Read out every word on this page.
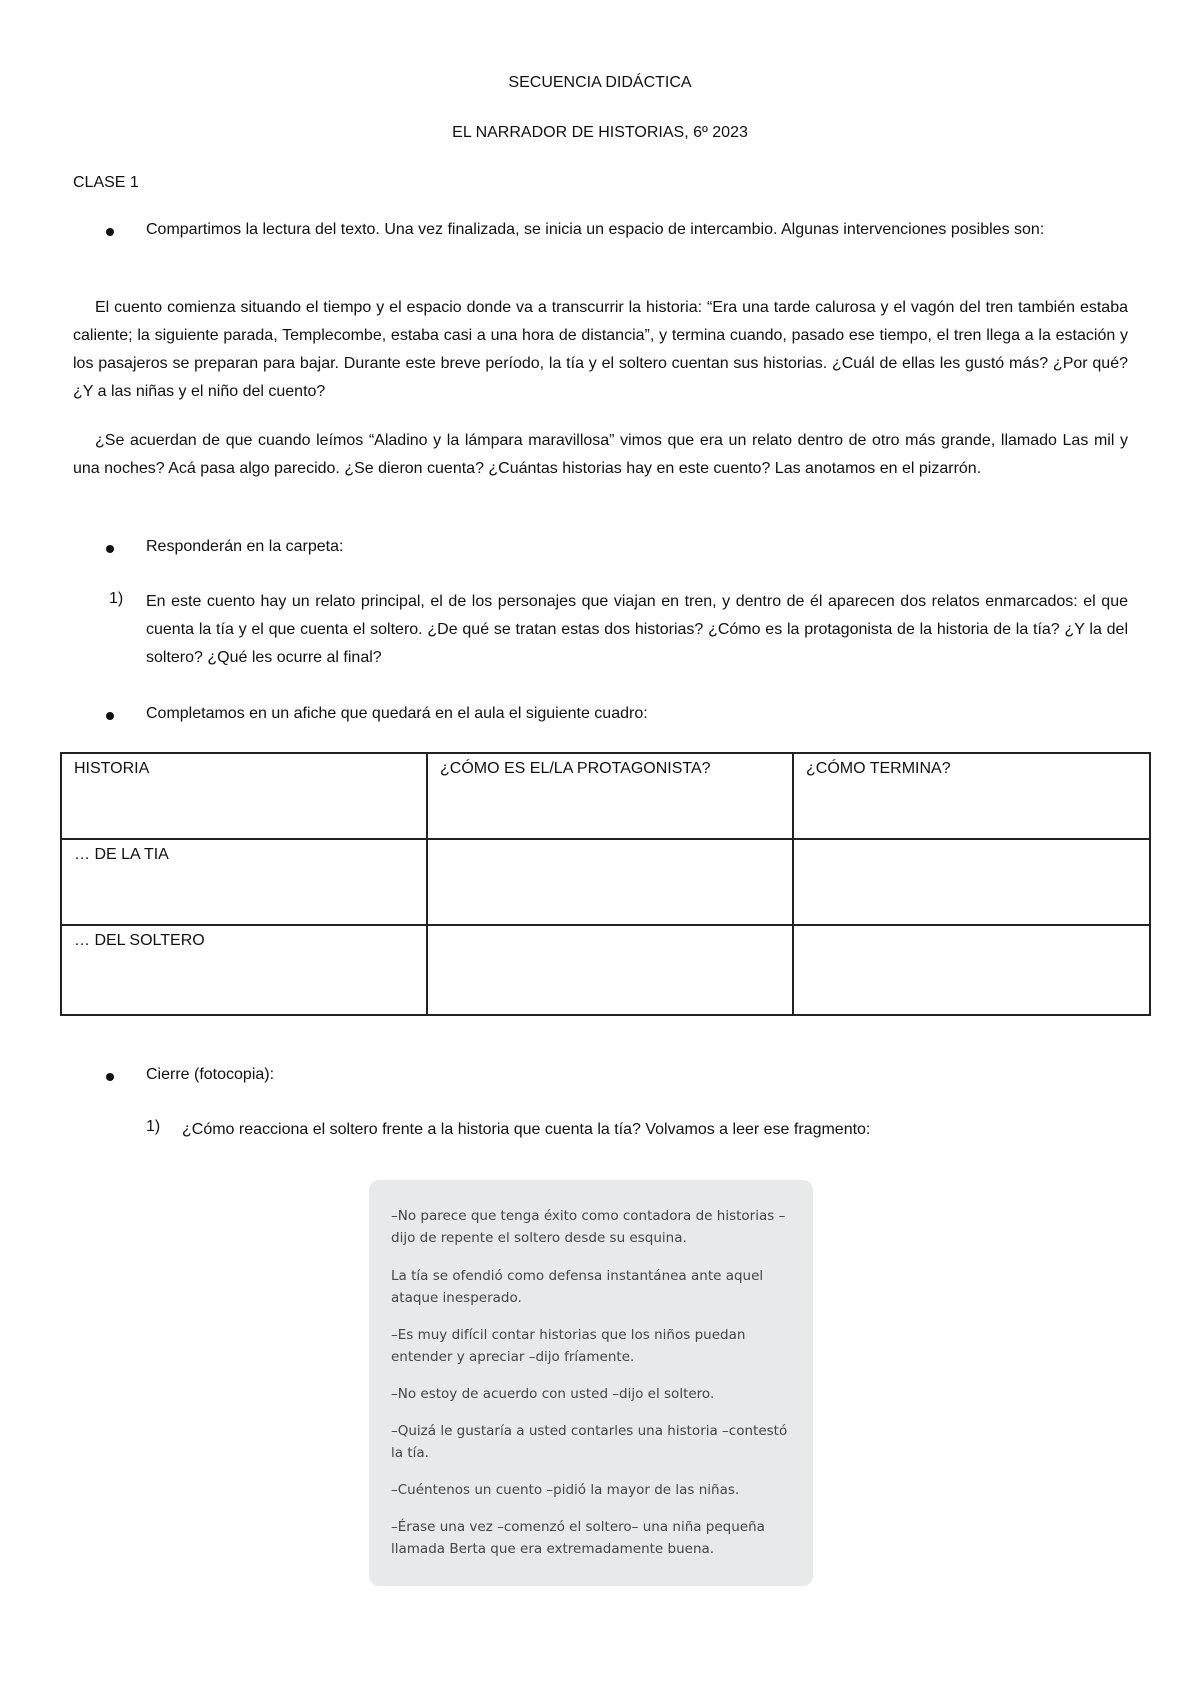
SECUENCIA DIDÁCTICA
EL NARRADOR DE HISTORIAS, 6º 2023
CLASE 1
Compartimos la lectura del texto. Una vez finalizada, se inicia un espacio de intercambio. Algunas intervenciones posibles son:
El cuento comienza situando el tiempo y el espacio donde va a transcurrir la historia: “Era una tarde calurosa y el vagón del tren también estaba caliente; la siguiente parada, Templecombe, estaba casi a una hora de distancia”, y termina cuando, pasado ese tiempo, el tren llega a la estación y los pasajeros se preparan para bajar. Durante este breve período, la tía y el soltero cuentan sus historias. ¿Cuál de ellas les gustó más? ¿Por qué? ¿Y a las niñas y el niño del cuento?
¿Se acuerdan de que cuando leímos “Aladino y la lámpara maravillosa” vimos que era un relato dentro de otro más grande, llamado Las mil y una noches? Acá pasa algo parecido. ¿Se dieron cuenta? ¿Cuántas historias hay en este cuento? Las anotamos en el pizarrón.
Responderán en la carpeta:
1) En este cuento hay un relato principal, el de los personajes que viajan en tren, y dentro de él aparecen dos relatos enmarcados: el que cuenta la tía y el que cuenta el soltero. ¿De qué se tratan estas dos historias? ¿Cómo es la protagonista de la historia de la tía? ¿Y la del soltero? ¿Qué les ocurre al final?
Completamos en un afiche que quedará en el aula el siguiente cuadro:
HISTORIA	¿CÓMO ES EL/LA PROTAGONISTA?	¿CÓMO TERMINA?
… DE LA TIA		
… DEL SOLTERO		
Cierre (fotocopia):
1) ¿Cómo reacciona el soltero frente a la historia que cuenta la tía? Volvamos a leer ese fragmento:

–No parece que tenga éxito como contadora de historias –dijo de repente el soltero desde su esquina.

La tía se ofendió como defensa instantánea ante aquel ataque inesperado.

–Es muy difícil contar historias que los niños puedan entender y apreciar –dijo fríamente.

–No estoy de acuerdo con usted –dijo el soltero.

–Quizá le gustaría a usted contarles una historia –contestó la tía.

–Cuéntenos un cuento –pidió la mayor de las niñas.

–Érase una vez –comenzó el soltero– una niña pequeña llamada Berta que era extremadamente buena.
